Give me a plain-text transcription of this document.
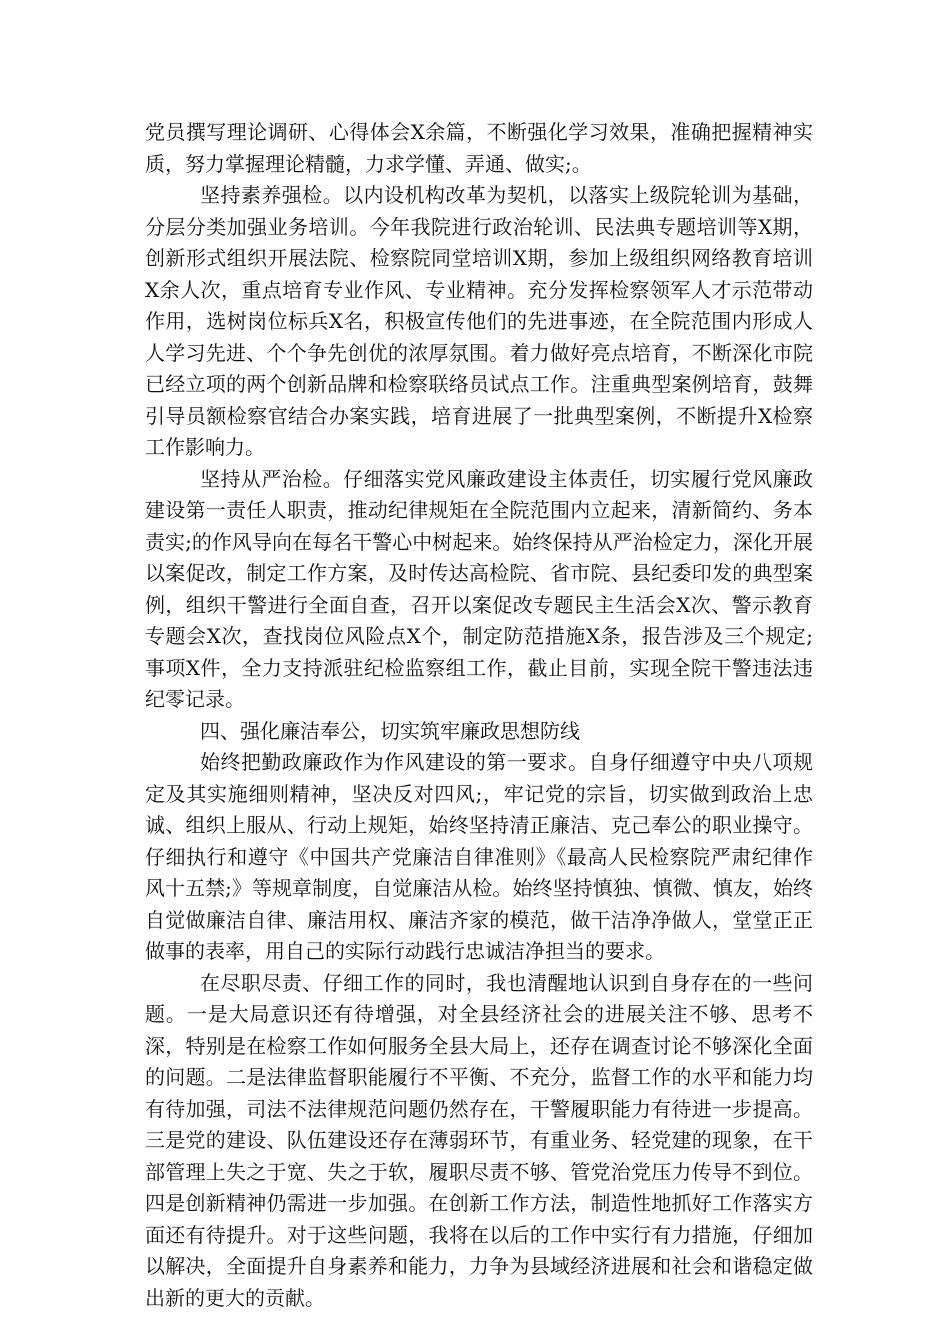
党员撰写理论调研、心得体会X余篇，不断强化学习效果，准确把握精神实质，努力掌握理论精髓，力求学懂、弄通、做实;。

坚持素养强检。以内设机构改革为契机，以落实上级院轮训为基础，分层分类加强业务培训。今年我院进行政治轮训、民法典专题培训等X期，创新形式组织开展法院、检察院同堂培训X期，参加上级组织网络教育培训X余人次，重点培育专业作风、专业精神。充分发挥检察领军人才示范带动作用，选树岗位标兵X名，积极宣传他们的先进事迹，在全院范围内形成人人学习先进、个个争先创优的浓厚氛围。着力做好亮点培育，不断深化市院已经立项的两个创新品牌和检察联络员试点工作。注重典型案例培育，鼓舞引导员额检察官结合办案实践，培育进展了一批典型案例，不断提升X检察工作影响力。

坚持从严治检。仔细落实党风廉政建设主体责任，切实履行党风廉政建设第一责任人职责，推动纪律规矩在全院范围内立起来，清新简约、务本责实;的作风导向在每名干警心中树起来。始终保持从严治检定力，深化开展以案促改，制定工作方案，及时传达高检院、省市院、县纪委印发的典型案例，组织干警进行全面自查，召开以案促改专题民主生活会X次、警示教育专题会X次，查找岗位风险点X个，制定防范措施X条，报告涉及三个规定;事项X件，全力支持派驻纪检监察组工作，截止目前，实现全院干警违法违纪零记录。

四、强化廉洁奉公，切实筑牢廉政思想防线

始终把勤政廉政作为作风建设的第一要求。自身仔细遵守中央八项规定及其实施细则精神，坚决反对四风;，牢记党的宗旨，切实做到政治上忠诚、组织上服从、行动上规矩，始终坚持清正廉洁、克己奉公的职业操守。仔细执行和遵守《中国共产党廉洁自律准则》《最高人民检察院严肃纪律作风十五禁;》等规章制度，自觉廉洁从检。始终坚持慎独、慎微、慎友，始终自觉做廉洁自律、廉洁用权、廉洁齐家的模范，做干洁净净做人，堂堂正正做事的表率，用自己的实际行动践行忠诚洁净担当的要求。

在尽职尽责、仔细工作的同时，我也清醒地认识到自身存在的一些问题。一是大局意识还有待增强，对全县经济社会的进展关注不够、思考不深，特别是在检察工作如何服务全县大局上，还存在调查讨论不够深化全面的问题。二是法律监督职能履行不平衡、不充分，监督工作的水平和能力均有待加强，司法不法律规范问题仍然存在，干警履职能力有待进一步提高。三是党的建设、队伍建设还存在薄弱环节，有重业务、轻党建的现象，在干部管理上失之于宽、失之于软，履职尽责不够、管党治党压力传导不到位。四是创新精神仍需进一步加强。在创新工作方法，制造性地抓好工作落实方面还有待提升。对于这些问题，我将在以后的工作中实行有力措施，仔细加以解决，全面提升自身素养和能力，力争为县域经济进展和社会和谐稳定做出新的更大的贡献。
